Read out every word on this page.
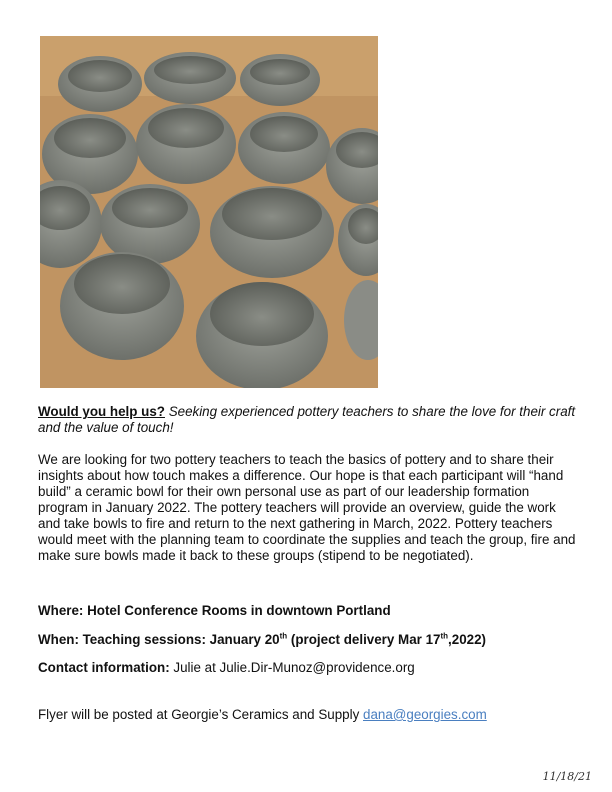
Would you help us? Seeking experienced pottery teachers to share the love for their craft and the value of touch!
We are looking for two pottery teachers to teach the basics of pottery and to share their insights about how touch makes a difference. Our hope is that each participant will “hand build” a ceramic bowl for their own personal use as part of our leadership formation program in January 2022. The pottery teachers will provide an overview, guide the work and take bowls to fire and return to the next gathering in March, 2022. Pottery teachers would meet with the planning team to coordinate the supplies and teach the group, fire and make sure bowls made it back to these groups (stipend to be negotiated).
Where: Hotel Conference Rooms in downtown Portland
When: Teaching sessions: January 20th (project delivery Mar 17th,2022)
Contact information: Julie at Julie.Dir-Munoz@providence.org
Flyer will be posted at Georgie’s Ceramics and Supply dana@georgies.com
11/18/21
